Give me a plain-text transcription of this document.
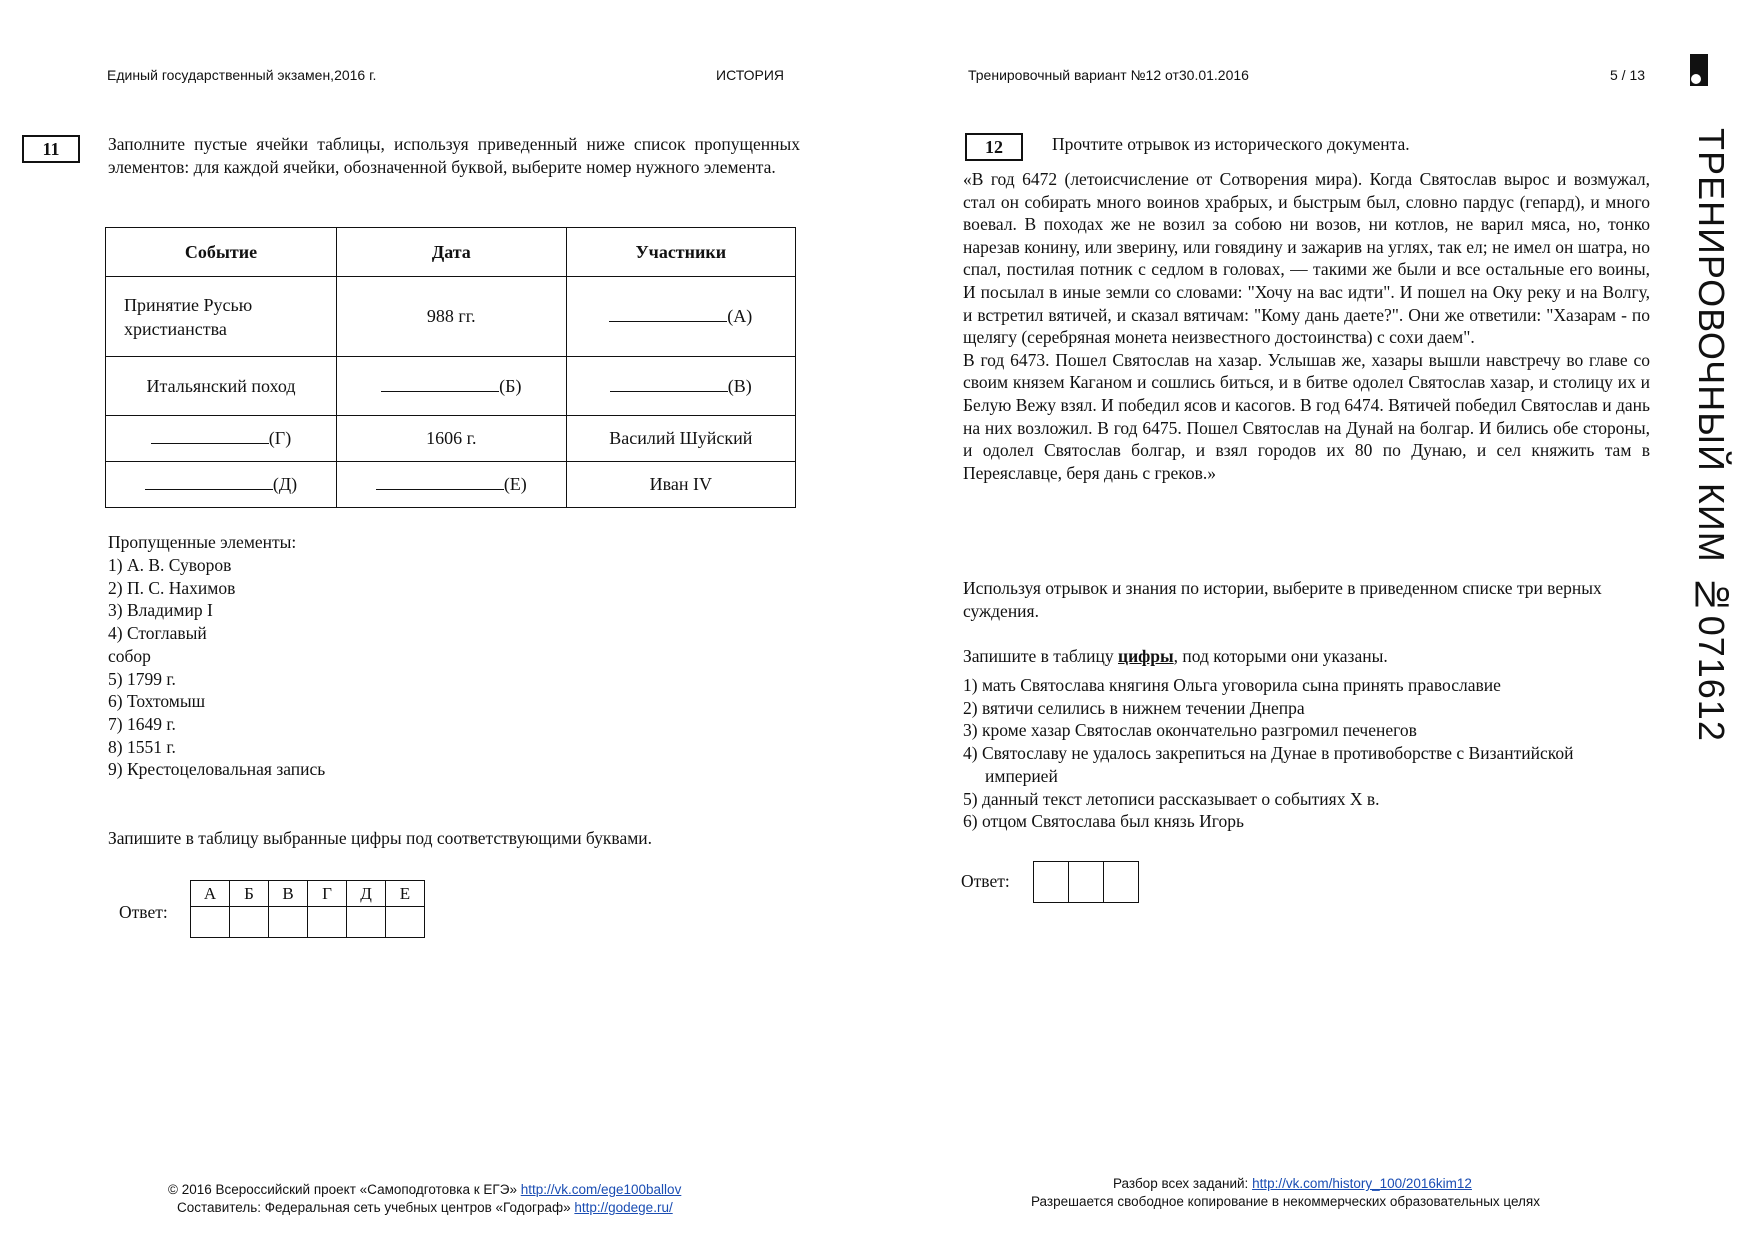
Единый государственный экзамен,2016 г.	ИСТОРИЯ	Тренировочный вариант №12 от30.01.2016	5 / 13
ТРЕНИРОВОЧНЫЙ КИМ №071612
11	Заполните пустые ячейки таблицы, используя приведенный ниже список пропущенных элементов: для каждой ячейки, обозначенной буквой, выберите номер нужного элемента.
Событие	Дата	Участники

Принятие Русью христианства	988 гг.	(А)
Итальянский поход	(Б)	(В)
(Г)	1606 г.	Василий Шуйский
(Д)	(Е)	Иван IV
Пропущенные элементы:
1) А. В. Суворов
2) П. С. Нахимов
3) Владимир I
4) Стоглавый
собор
5) 1799 г.
6) Тохтомыш
7) 1649 г.
8) 1551 г.
9) Крестоцеловальная запись
Запишите в таблицу выбранные цифры под соответствующими буквами.
Ответ:
А	Б	В	Г	Д	Е

12	Прочтите отрывок из исторического документа.
«В год 6472 (летоисчисление от Сотворения мира). Когда Святослав вырос и возмужал, стал он собирать много воинов храбрых, и быстрым был, словно пардус (гепард), и много воевал. В походах же не возил за собою ни возов, ни котлов, не варил мяса, но, тонко нарезав конину, или зверину, или говядину и зажарив на углях, так ел; не имел он шатра, но спал, постилая потник с седлом в головах, — такими же были и все остальные его воины, И посылал в иные земли со словами: "Хочу на вас идти". И пошел на Оку реку и на Волгу, и встретил вятичей, и сказал вятичам: "Кому дань даете?". Они же ответили: "Хазарам - по щелягу (серебряная монета неизвестного достоинства) с сохи даем".
В год 6473. Пошел Святослав на хазар. Услышав же, хазары вышли навстречу во главе со своим князем Каганом и сошлись биться, и в битве одолел Святослав хазар, и столицу их и Белую Вежу взял. И победил ясов и касогов. В год 6474. Вятичей победил Святослав и дань на них возложил. В год 6475. Пошел Святослав на Дунай на болгар. И бились обе стороны, и одолел Святослав болгар, и взял городов их 80 по Дунаю, и сел княжить там в Переяславце, беря дань с греков.»
Используя отрывок и знания по истории, выберите в приведенном списке три верных суждения.
Запишите в таблицу цифры, под которыми они указаны.
1) мать Святослава княгиня Ольга уговорила сына принять православие
2) вятичи селились в нижнем течении Днепра
3) кроме хазар Святослав окончательно разгромил печенегов
4) Святославу не удалось закрепиться на Дунае в противоборстве с Византийской
империей
5) данный текст летописи рассказывает о событиях X в.
6) отцом Святослава был князь Игорь
Ответ:

© 2016 Всероссийский проект «Самоподготовка к ЕГЭ» http://vk.com/ege100ballov
Составитель: Федеральная сеть учебных центров «Годограф» http://godege.ru/
Разбор всех заданий: http://vk.com/history_100/2016kim12
Разрешается свободное копирование в некоммерческих образовательных целях
